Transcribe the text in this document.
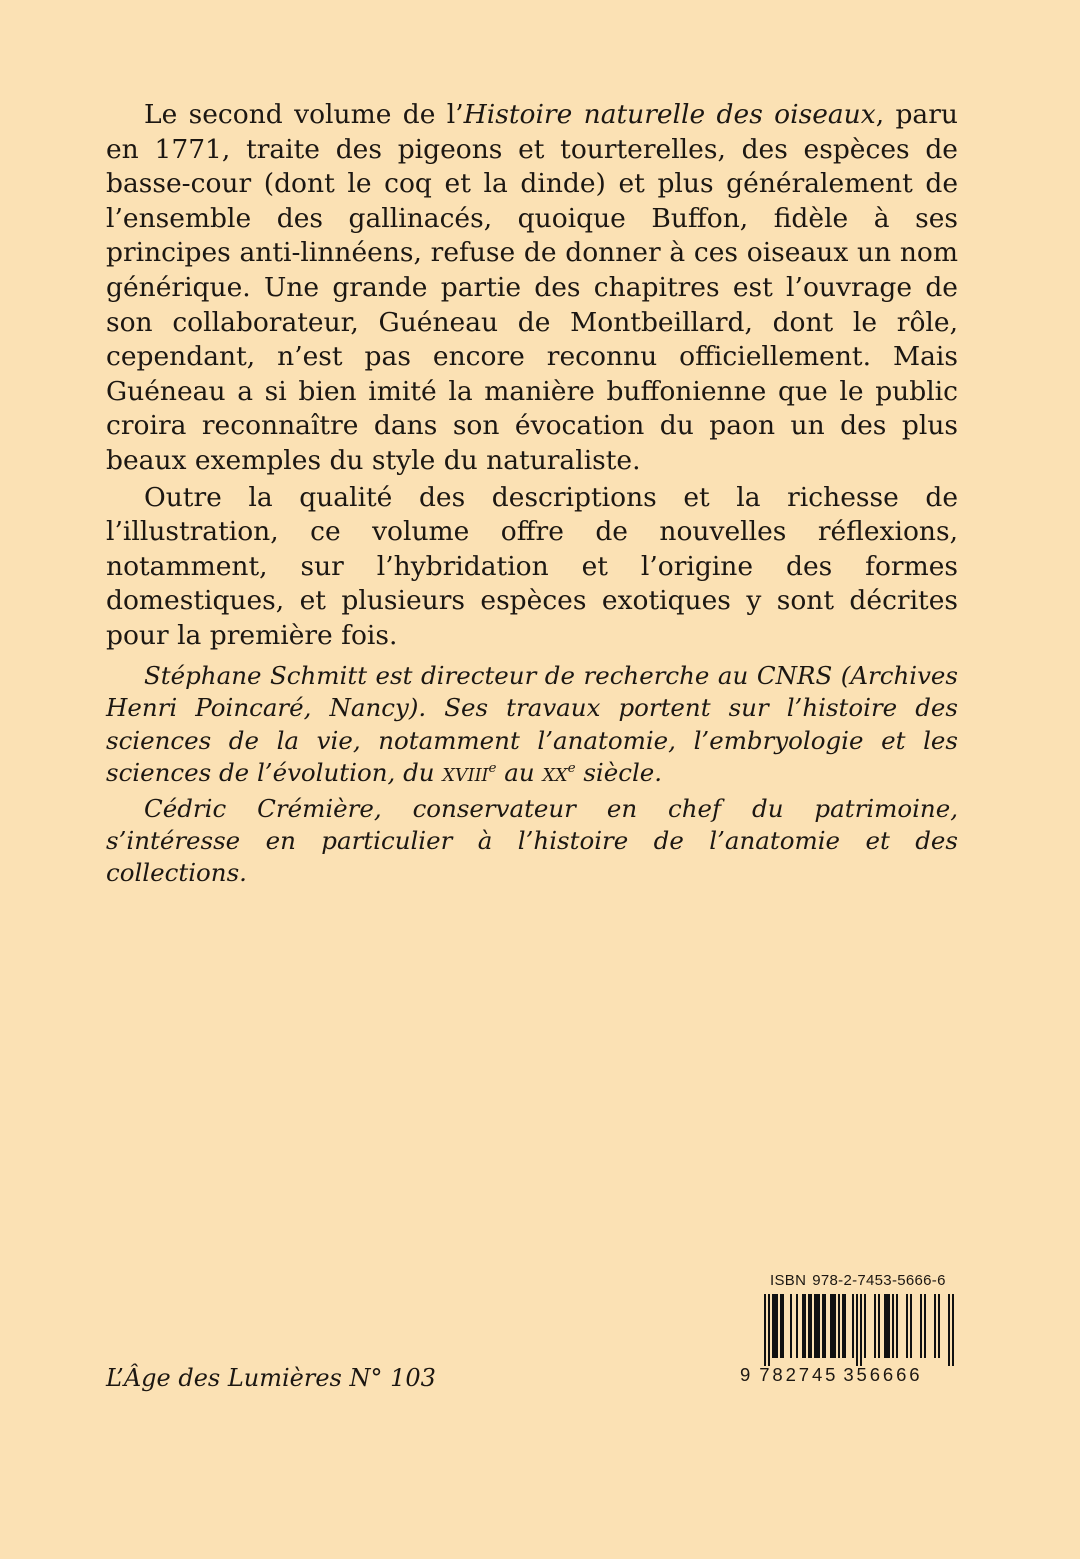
Le second volume de l’Histoire naturelle des oiseaux, paru en 1771, traite des pigeons et tourterelles, des espèces de basse-cour (dont le coq et la dinde) et plus généralement de l’ensemble des gallinacés, quoique Buffon, fidèle à ses principes anti-linnéens, refuse de donner à ces oiseaux un nom générique. Une grande partie des chapitres est l’ouvrage de son collaborateur, Guéneau de Montbeillard, dont le rôle, cependant, n’est pas encore reconnu officiellement. Mais Guéneau a si bien imité la manière buffonienne que le public croira reconnaître dans son évocation du paon un des plus beaux exemples du style du naturaliste.

Outre la qualité des descriptions et la richesse de l’illustration, ce volume offre de nouvelles réflexions, notamment, sur l’hybridation et l’origine des formes domestiques, et plusieurs espèces exotiques y sont décrites pour la première fois.

Stéphane Schmitt est directeur de recherche au CNRS (Archives Henri Poincaré, Nancy). Ses travaux portent sur l’histoire des sciences de la vie, notamment l’anatomie, l’embryologie et les sciences de l’évolution, du XVIIIe au XXe siècle.

Cédric Crémière, conservateur en chef du patrimoine, s’intéresse en particulier à l’histoire de l’anatomie et des collections.

L’Âge des Lumières N° 103
ISBN 978-2-7453-5666-6
9 782745 356666
